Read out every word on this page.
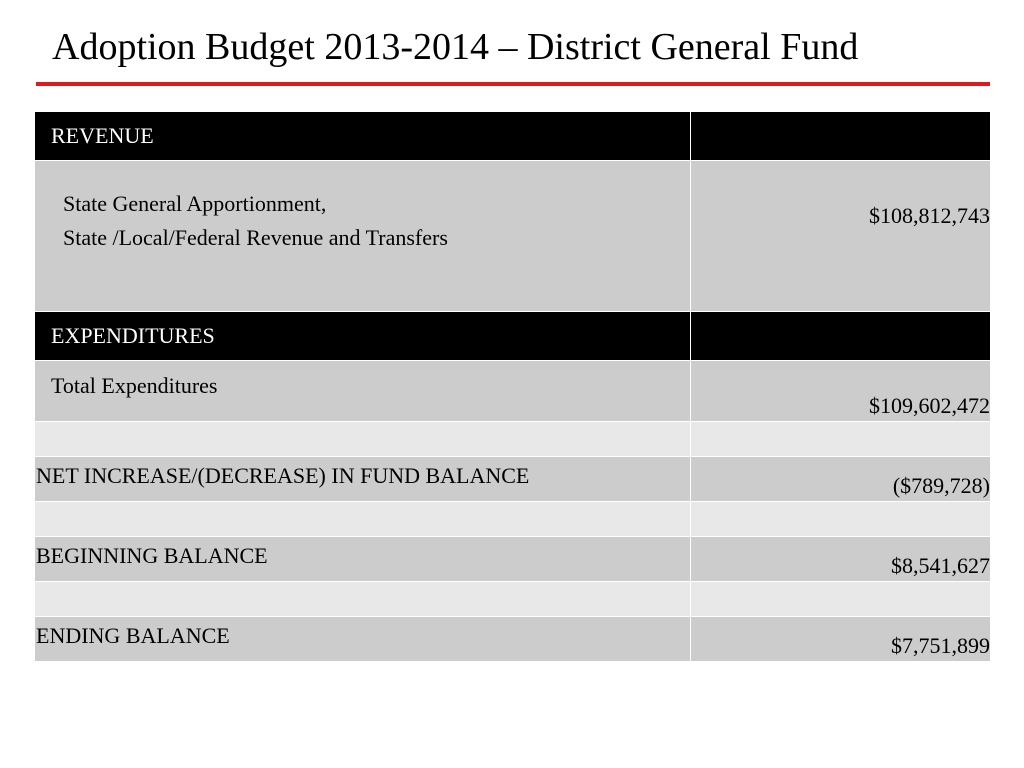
Adoption Budget 2013-2014 – District General Fund
REVENUE	

State General Apportionment,
State /Local/Federal Revenue and Transfers	$108,812,743
EXPENDITURES	
Total Expenditures	$109,602,472

NET INCREASE/(DECREASE) IN FUND BALANCE	($789,728)

BEGINNING BALANCE	$8,541,627

ENDING BALANCE	$7,751,899
